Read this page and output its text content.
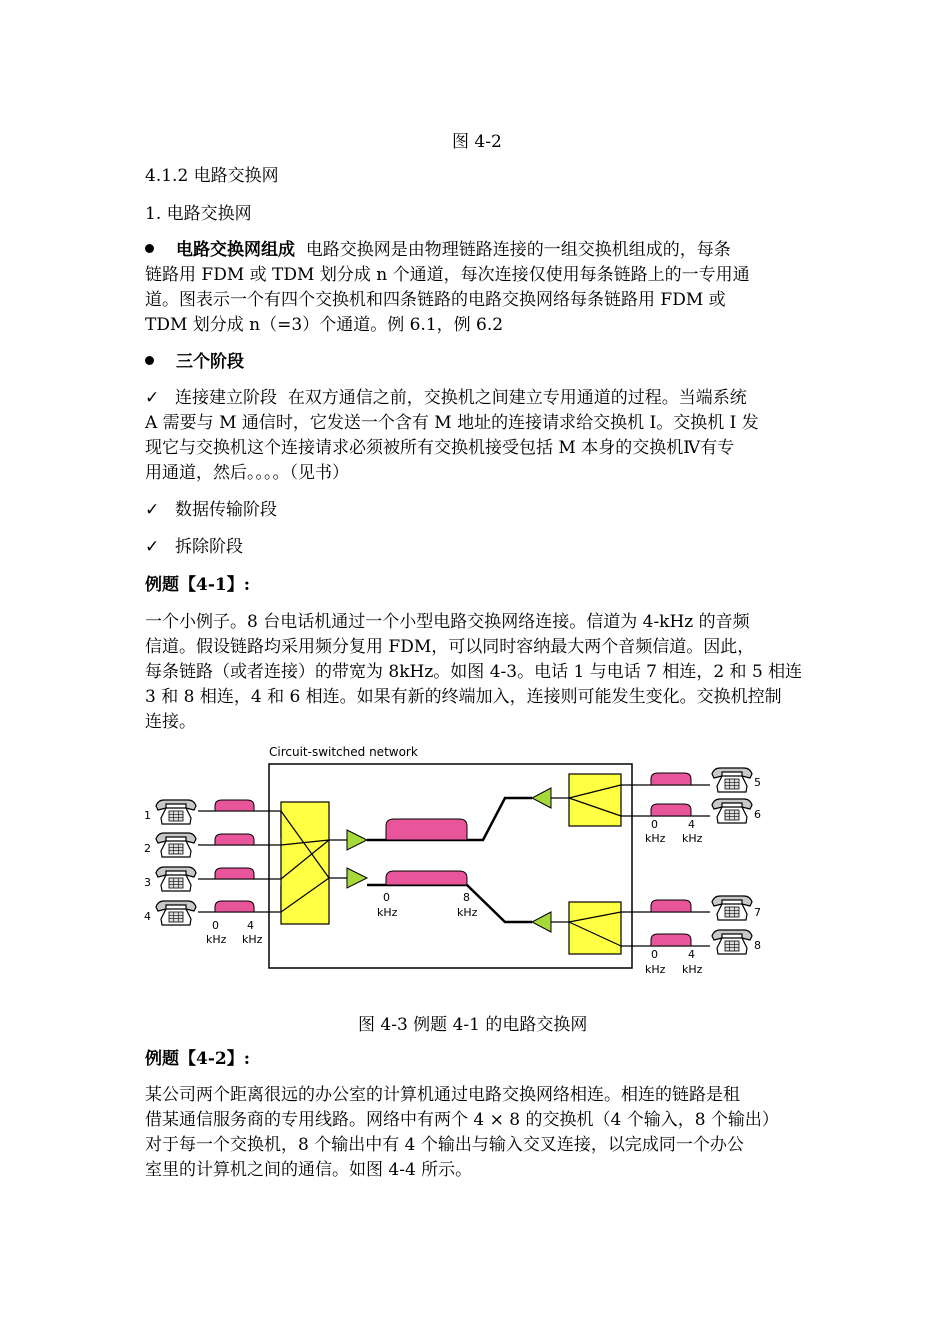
图 4-2
4.1.2 电路交换网
1. 电路交换网
电路交换网组成 电路交换网是由物理链路连接的一组交换机组成的，每条
链路用 FDM 或 TDM 划分成 n 个通道，每次连接仅使用每条链路上的一专用通
道。图表示一个有四个交换机和四条链路的电路交换网络每条链路用 FDM 或
TDM 划分成 n（=3）个通道。例 6.1，例 6.2
三个阶段
✓ 连接建立阶段 在双方通信之前，交换机之间建立专用通道的过程。当端系统
A 需要与 M 通信时，它发送一个含有 M 地址的连接请求给交换机 I。交换机 I 发
现它与交换机这个连接请求必须被所有交换机接受包括 M 本身的交换机Ⅳ有专
用通道，然后。。。。（见书）
✓ 数据传输阶段
✓ 拆除阶段
例题【4-1】:
一个小例子。8 台电话机通过一个小型电路交换网络连接。信道为 4-kHz 的音频
信道。假设链路均采用频分复用 FDM，可以同时容纳最大两个音频信道。因此，
每条链路（或者连接）的带宽为 8kHz。如图 4-3。电话 1 与电话 7 相连，2 和 5 相连
3 和 8 相连，4 和 6 相连。如果有新的终端加入，连接则可能发生变化。交换机控制
连接。
Circuit-switched network
1
2
3
4
0	4
kHz kHz
0	8
kHz	kHz
0	4
kHz kHz
0	4
kHz kHz
5
6
7
8
图 4-3 例题 4-1 的电路交换网
例题【4-2】:
某公司两个距离很远的办公室的计算机通过电路交换网络相连。相连的链路是租
借某通信服务商的专用线路。网络中有两个 4 × 8 的交换机（4 个输入，8 个输出）
对于每一个交换机，8 个输出中有 4 个输出与输入交叉连接，以完成同一个办公
室里的计算机之间的通信。如图 4-4 所示。
